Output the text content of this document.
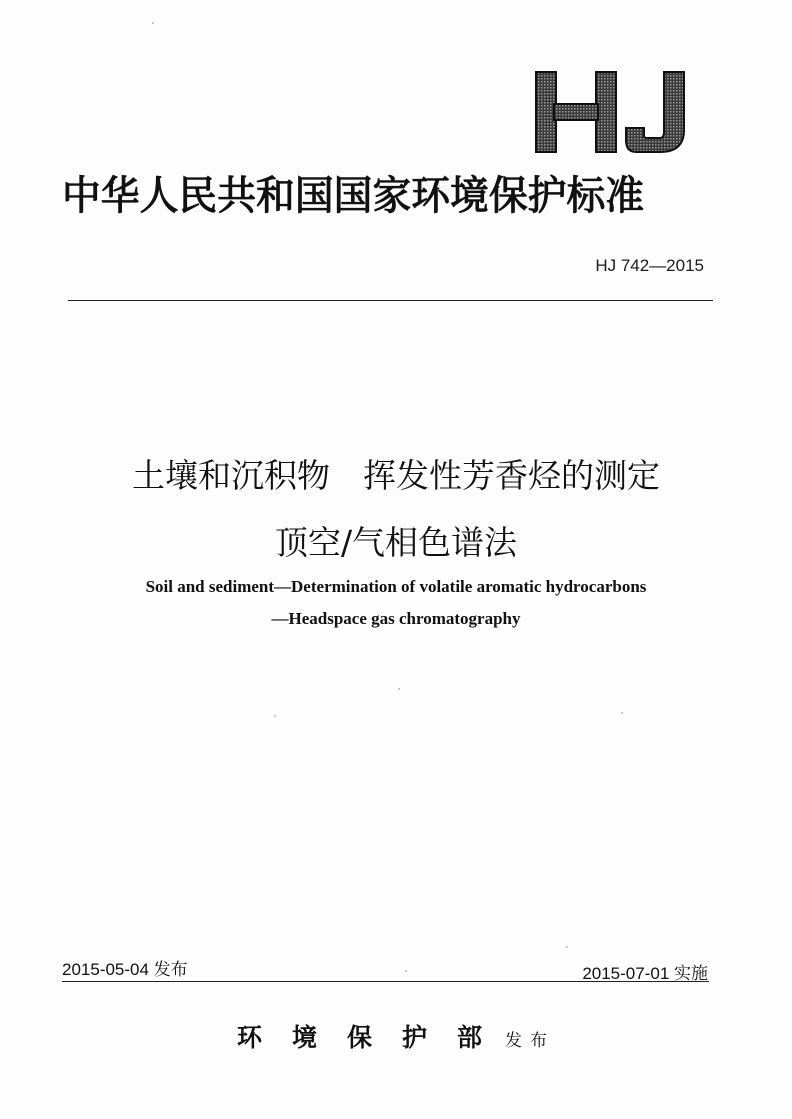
中华人民共和国国家环境保护标准
HJ 742—2015
土壤和沉积物　挥发性芳香烃的测定
顶空/气相色谱法
Soil and sediment—Determination of volatile aromatic hydrocarbons
—Headspace gas chromatography
2015-05-04 发布	2015-07-01 实施
环境保护部 发布
